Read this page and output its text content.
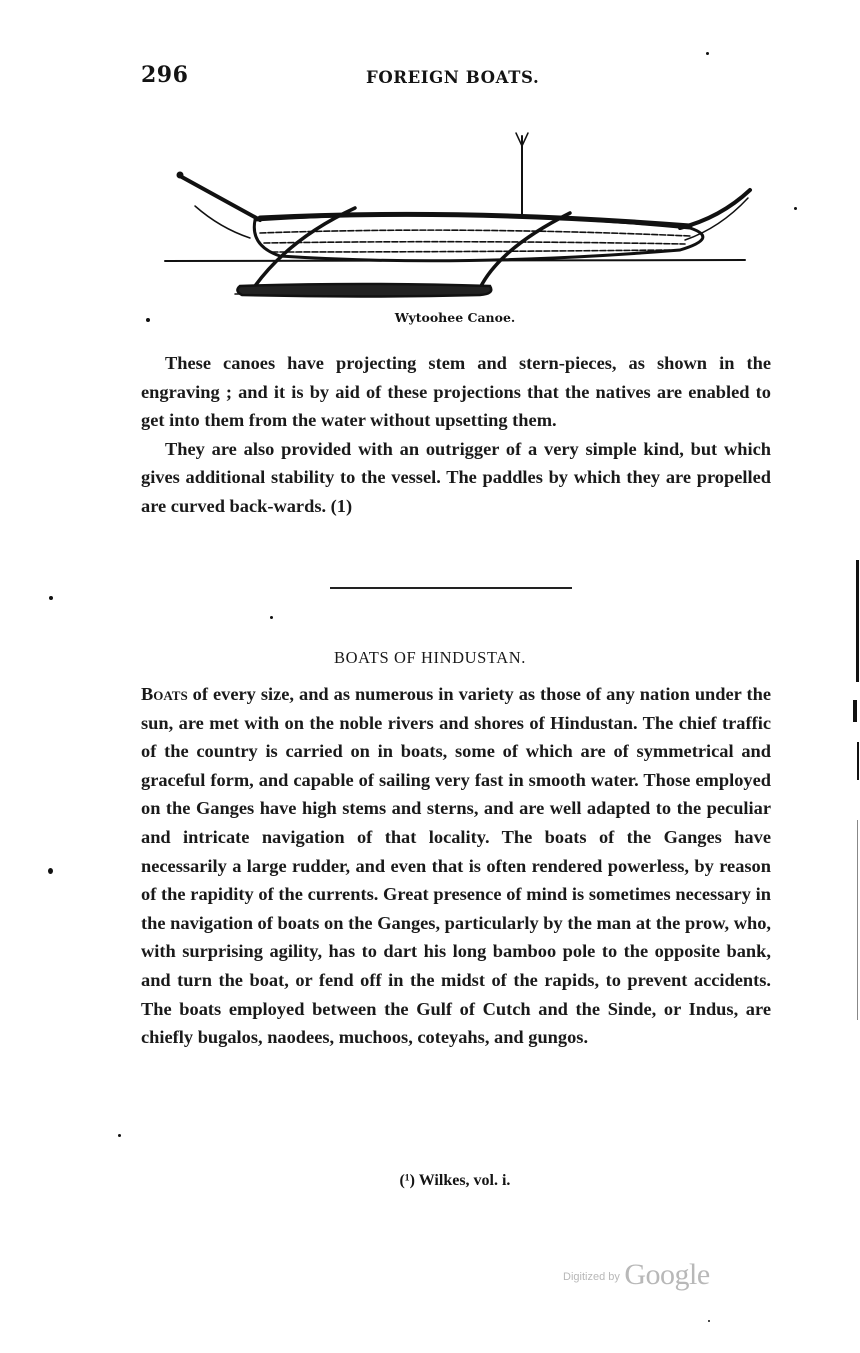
296	FOREIGN BOATS.
Wytoohee Canoe.

These canoes have projecting stem and stern-pieces, as shown in the engraving ; and it is by aid of these projections that the natives are enabled to get into them from the water without upsetting them.

They are also provided with an outrigger of a very simple kind, but which gives additional stability to the vessel. The paddles by which they are propelled are curved back-wards. (1)

BOATS OF HINDUSTAN.

Boats of every size, and as numerous in variety as those of any nation under the sun, are met with on the noble rivers and shores of Hindustan. The chief traffic of the country is carried on in boats, some of which are of symmetrical and graceful form, and capable of sailing very fast in smooth water. Those employed on the Ganges have high stems and sterns, and are well adapted to the peculiar and intricate navigation of that locality. The boats of the Ganges have necessarily a large rudder, and even that is often rendered powerless, by reason of the rapidity of the currents. Great presence of mind is sometimes necessary in the navigation of boats on the Ganges, particularly by the man at the prow, who, with surprising agility, has to dart his long bamboo pole to the opposite bank, and turn the boat, or fend off in the midst of the rapids, to prevent accidents. The boats employed between the Gulf of Cutch and the Sinde, or Indus, are chiefly bugalos, naodees, muchoos, coteyahs, and gungos.

(¹) Wilkes, vol. i.
$^{Digitized by}$ Google
